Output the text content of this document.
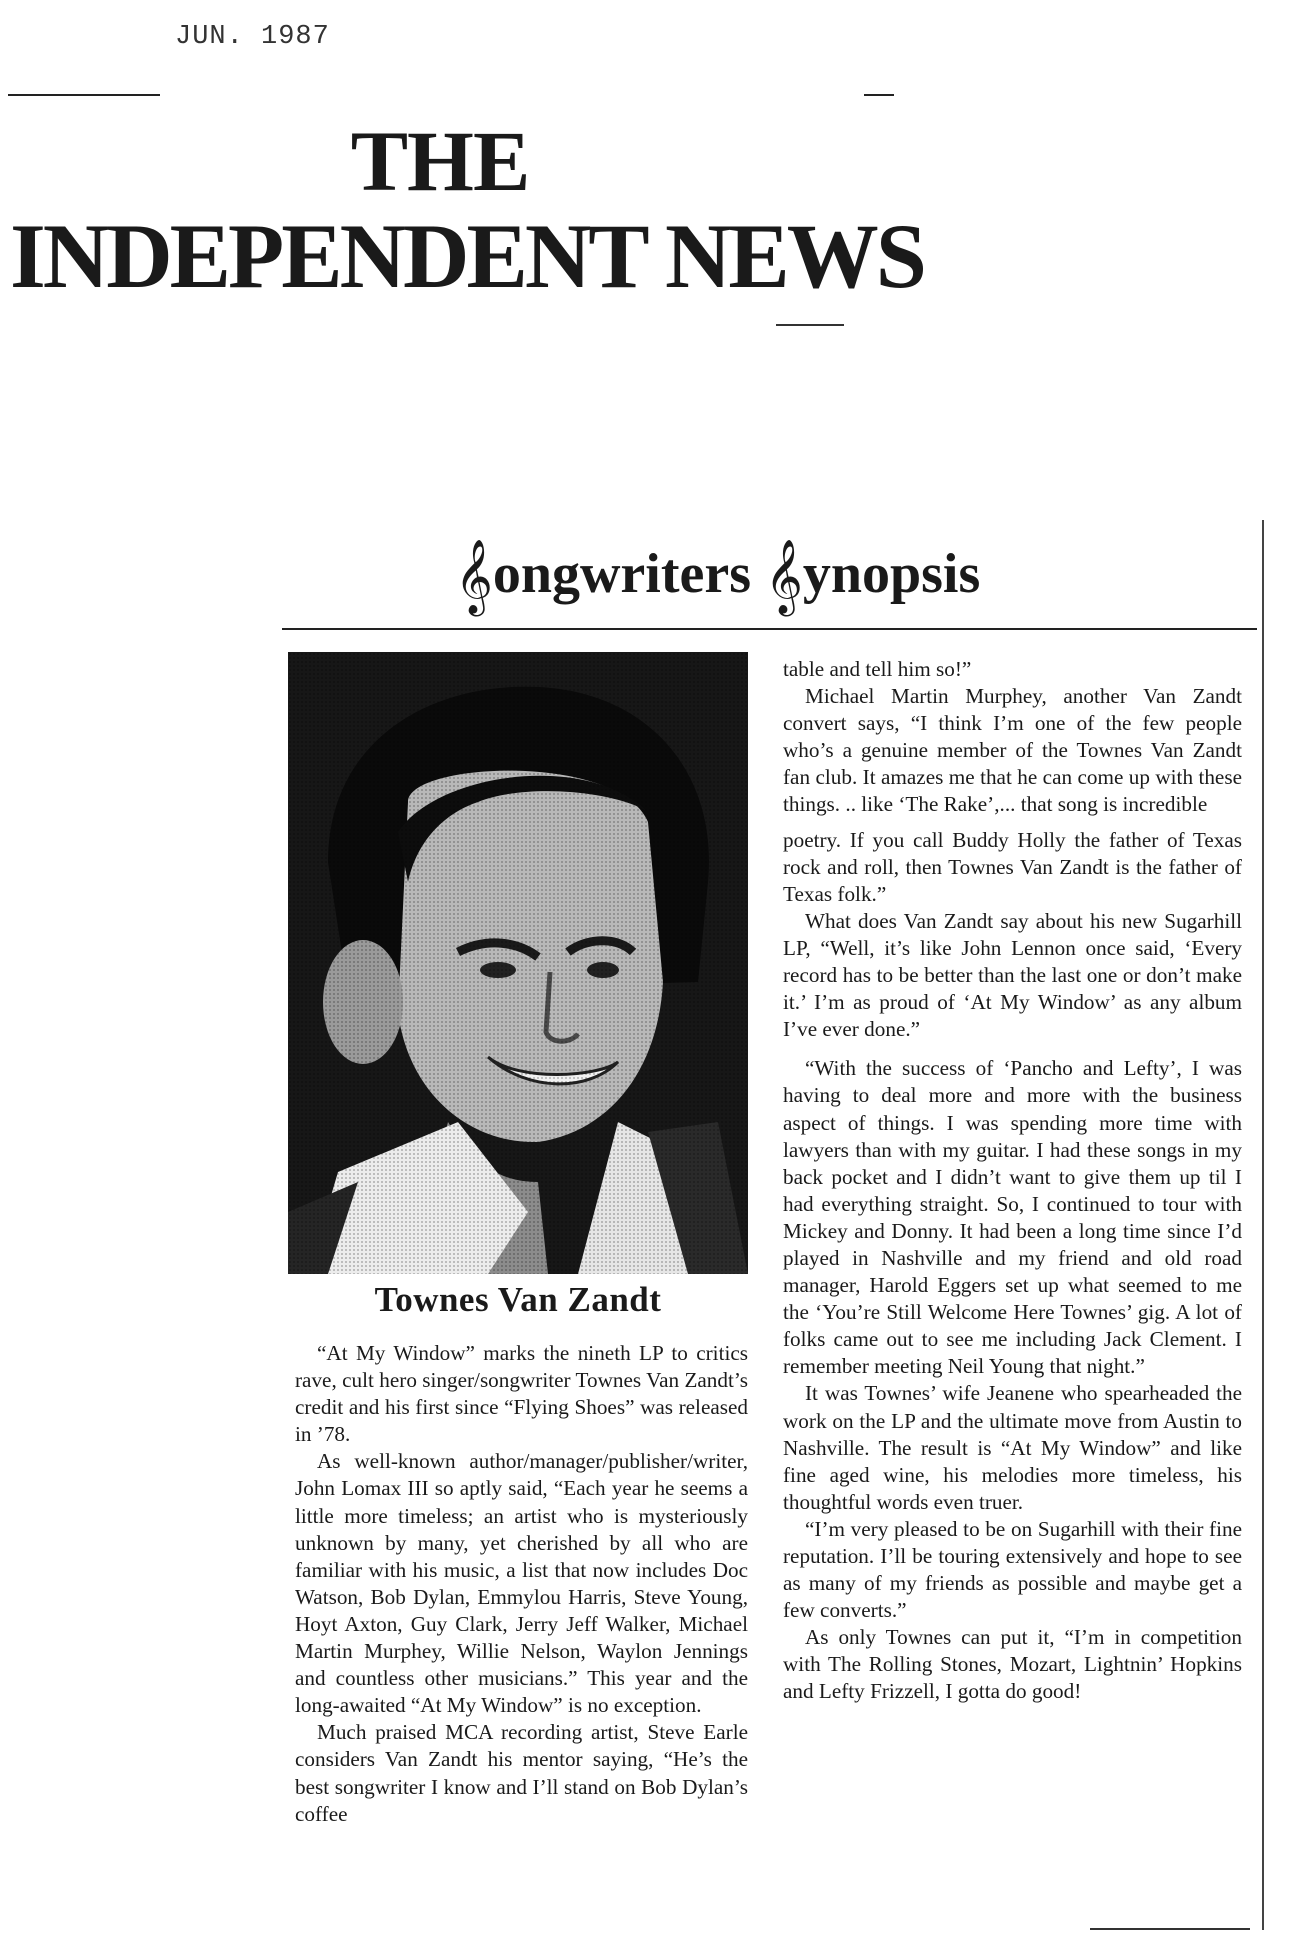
JUN. 1987
THE
INDEPENDENT NEWS
𝄞ongwriters 𝄞ynopsis
Townes Van Zandt

“At My Window” marks the nineth LP to critics rave, cult hero singer/songwriter Townes Van Zandt’s credit and his first since “Flying Shoes” was released in ’78.

As well-known author/manager/publisher/writer, John Lomax III so aptly said, “Each year he seems a little more timeless; an artist who is mysteriously unknown by many, yet cherished by all who are familiar with his music, a list that now includes Doc Watson, Bob Dylan, Emmylou Harris, Steve Young, Hoyt Axton, Guy Clark, Jerry Jeff Walker, Michael Martin Murphey, Willie Nelson, Waylon Jennings and countless other musicians.” This year and the long-awaited “At My Window” is no exception.

Much praised MCA recording artist, Steve Earle considers Van Zandt his mentor saying, “He’s the best songwriter I know and I’ll stand on Bob Dylan’s coffee

table and tell him so!”

Michael Martin Murphey, another Van Zandt convert says, “I think I’m one of the few people who’s a genuine member of the Townes Van Zandt fan club. It amazes me that he can come up with these things. .. like ‘The Rake’,... that song is incredible

poetry. If you call Buddy Holly the father of Texas rock and roll, then Townes Van Zandt is the father of Texas folk.”

What does Van Zandt say about his new Sugarhill LP, “Well, it’s like John Lennon once said, ‘Every record has to be better than the last one or don’t make it.’ I’m as proud of ‘At My Window’ as any album I’ve ever done.”

“With the success of ‘Pancho and Lefty’, I was having to deal more and more with the business aspect of things. I was spending more time with lawyers than with my guitar. I had these songs in my back pocket and I didn’t want to give them up til I had everything straight. So, I continued to tour with Mickey and Donny. It had been a long time since I’d played in Nashville and my friend and old road manager, Harold Eggers set up what seemed to me the ‘You’re Still Welcome Here Townes’ gig. A lot of folks came out to see me including Jack Clement. I remember meeting Neil Young that night.”

It was Townes’ wife Jeanene who spearheaded the work on the LP and the ultimate move from Austin to Nashville. The result is “At My Window” and like fine aged wine, his melodies more timeless, his thoughtful words even truer.

“I’m very pleased to be on Sugarhill with their fine reputation. I’ll be touring extensively and hope to see as many of my friends as possible and maybe get a few converts.”

As only Townes can put it, “I’m in competition with The Rolling Stones, Mozart, Lightnin’ Hopkins and Lefty Frizzell, I gotta do good!
